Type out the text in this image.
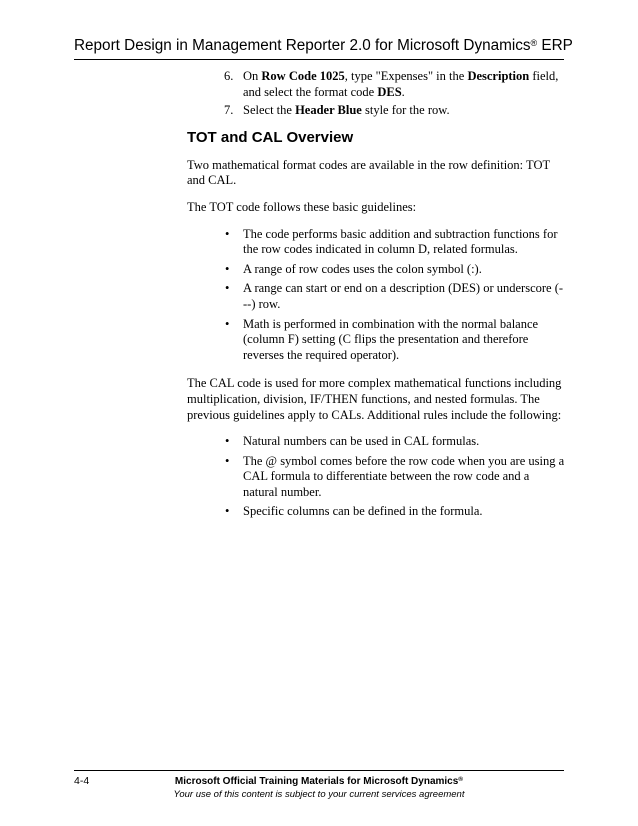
Report Design in Management Reporter 2.0 for Microsoft Dynamics® ERP
6. On Row Code 1025, type "Expenses" in the Description field, and select the format code DES.
7. Select the Header Blue style for the row.
TOT and CAL Overview

Two mathematical format codes are available in the row definition: TOT and CAL.

The TOT code follows these basic guidelines:

• The code performs basic addition and subtraction functions for the row codes indicated in column D, related formulas.
• A range of row codes uses the colon symbol (:).
• A range can start or end on a description (DES) or underscore (---) row.
• Math is performed in combination with the normal balance (column F) setting (C flips the presentation and therefore reverses the required operator).

The CAL code is used for more complex mathematical functions including multiplication, division, IF/THEN functions, and nested formulas. The previous guidelines apply to CALs. Additional rules include the following:

• Natural numbers can be used in CAL formulas.
• The @ symbol comes before the row code when you are using a CAL formula to differentiate between the row code and a natural number.
• Specific columns can be defined in the formula.
4-4	Microsoft Official Training Materials for Microsoft Dynamics®
Your use of this content is subject to your current services agreement
